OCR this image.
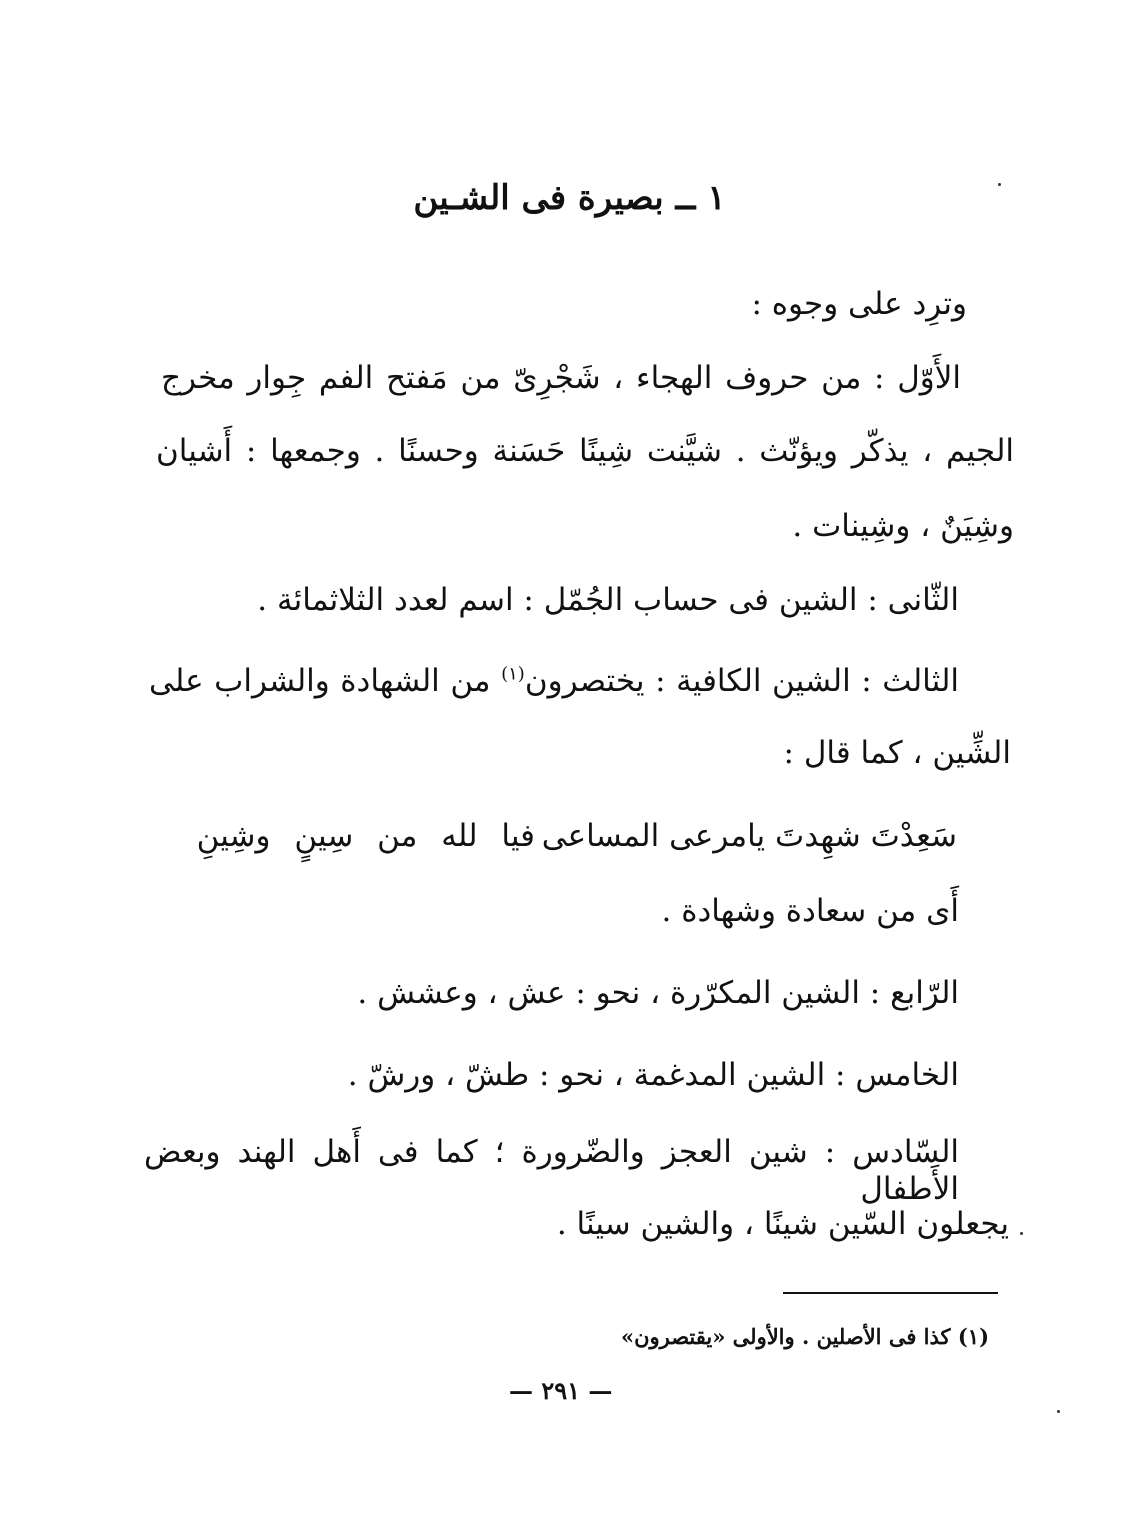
١ ــ بصيرة فى الشـين
وترِد على وجوه :
الأَوّل : من حروف الهجاء ، شَجْرِىّ من مَفتح الفم جِوار مخرج
الجيم ، يذكّر ويؤنّث . شيَّنت شِينًا حَسَنة وحسنًا . وجمعها : أَشيان
وشِيَنٌ ، وشِينات .
الثّانى : الشين فى حساب الجُمّل : اسم لعدد الثلاثمائة .
الثالث : الشين الكافية : يختصرون$^{(١)}$ من الشهادة والشراب على
الشِّين ، كما قال :
سَعِدْتَ شهِدتَ يامرعى المساعى
فيا لله من سِينٍ وشِينِ
أَى من سعادة وشهادة .
الرّابع : الشين المكرّرة ، نحو : عش ، وعشش .
الخامس : الشين المدغمة ، نحو : طشّ ، ورشّ .
السّادس : شين العجز والضّرورة ؛ كما فى أَهل الهند وبعض الأَطفال
يجعلون السّين شينًا ، والشين سينًا .
(١) كذا فى الأصلين . والأولى «يقتصرون»
— ٢٩١ —
